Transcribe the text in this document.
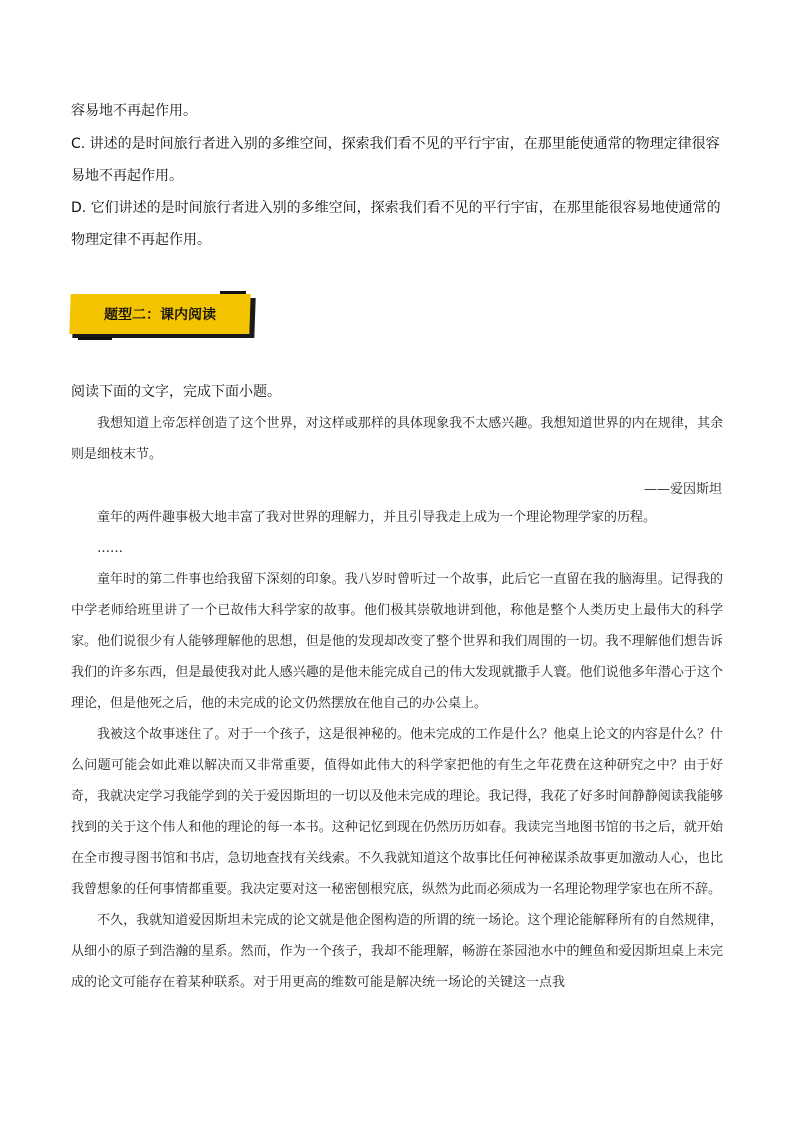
容易地不再起作用。
C. 讲述的是时间旅行者进入别的多维空间，探索我们看不见的平行宇宙，在那里能使通常的物理定律很容
易地不再起作用。
D. 它们讲述的是时间旅行者进入别的多维空间，探索我们看不见的平行宇宙，在那里能很容易地使通常的
物理定律不再起作用。
题型二：课内阅读
阅读下面的文字，完成下面小题。

我想知道上帝怎样创造了这个世界，对这样或那样的具体现象我不太感兴趣。我想知道世界的内在规律，其余则是细枝末节。

——爱因斯坦

童年的两件趣事极大地丰富了我对世界的理解力，并且引导我走上成为一个理论物理学家的历程。

……

童年时的第二件事也给我留下深刻的印象。我八岁时曾听过一个故事，此后它一直留在我的脑海里。记得我的中学老师给班里讲了一个已故伟大科学家的故事。他们极其崇敬地讲到他，称他是整个人类历史上最伟大的科学家。他们说很少有人能够理解他的思想，但是他的发现却改变了整个世界和我们周围的一切。我不理解他们想告诉我们的许多东西，但是最使我对此人感兴趣的是他未能完成自己的伟大发现就撒手人寰。他们说他多年潜心于这个理论，但是他死之后，他的未完成的论文仍然摆放在他自己的办公桌上。

我被这个故事迷住了。对于一个孩子，这是很神秘的。他未完成的工作是什么？他桌上论文的内容是什么？什么问题可能会如此难以解决而又非常重要，值得如此伟大的科学家把他的有生之年花费在这种研究之中？由于好奇，我就决定学习我能学到的关于爱因斯坦的一切以及他未完成的理论。我记得，我花了好多时间静静阅读我能够找到的关于这个伟人和他的理论的每一本书。这种记忆到现在仍然历历如春。我读完当地图书馆的书之后，就开始在全市搜寻图书馆和书店，急切地查找有关线索。不久我就知道这个故事比任何神秘谋杀故事更加激动人心，也比我曾想象的任何事情都重要。我决定要对这一秘密刨根究底，纵然为此而必须成为一名理论物理学家也在所不辞。

不久，我就知道爱因斯坦未完成的论文就是他企图构造的所谓的统一场论。这个理论能解释所有的自然规律，从细小的原子到浩瀚的星系。然而，作为一个孩子，我却不能理解，畅游在茶园池水中的鲤鱼和爱因斯坦桌上未完成的论文可能存在着某种联系。对于用更高的维数可能是解决统一场论的关键这一点我
